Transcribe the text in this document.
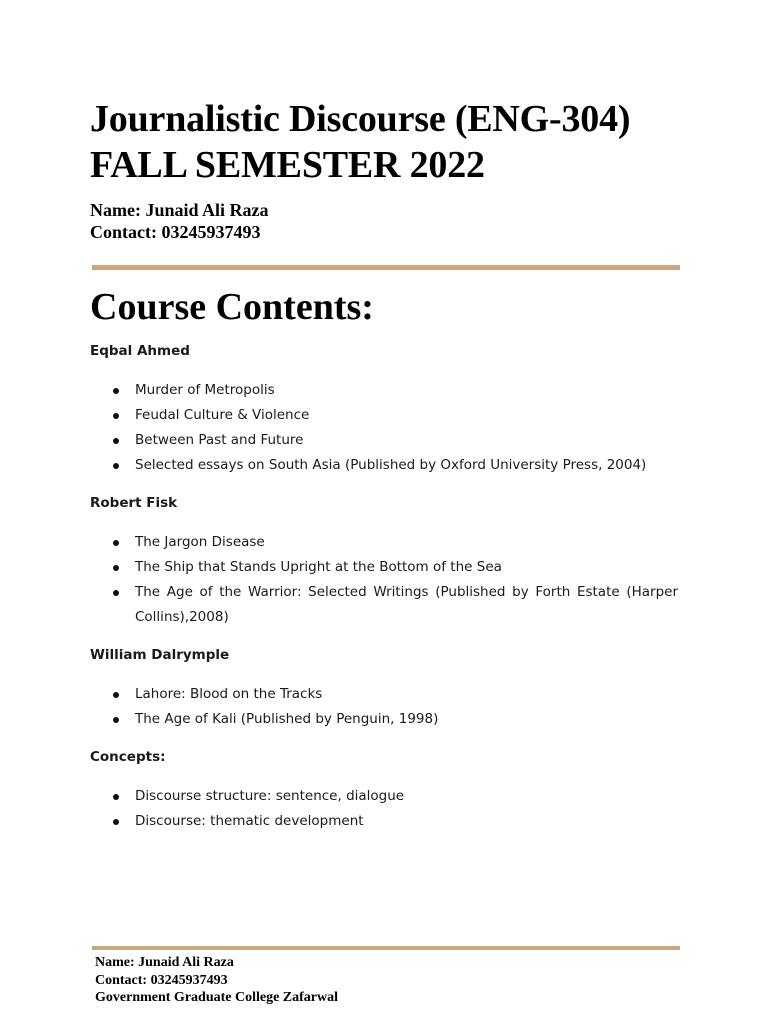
Journalistic Discourse (ENG-304)
FALL SEMESTER 2022
Name: Junaid Ali Raza
Contact: 03245937493
Course Contents:

Eqbal Ahmed

Murder of Metropolis
Feudal Culture & Violence
Between Past and Future
Selected essays on South Asia (Published by Oxford University Press, 2004)

Robert Fisk

The Jargon Disease
The Ship that Stands Upright at the Bottom of the Sea
The Age of the Warrior: Selected Writings (Published by Forth Estate (Harper Collins),2008)

William Dalrymple

Lahore: Blood on the Tracks
The Age of Kali (Published by Penguin, 1998)

Concepts:

Discourse structure: sentence, dialogue
Discourse: thematic development
Name: Junaid Ali Raza
Contact: 03245937493
Government Graduate College Zafarwal
